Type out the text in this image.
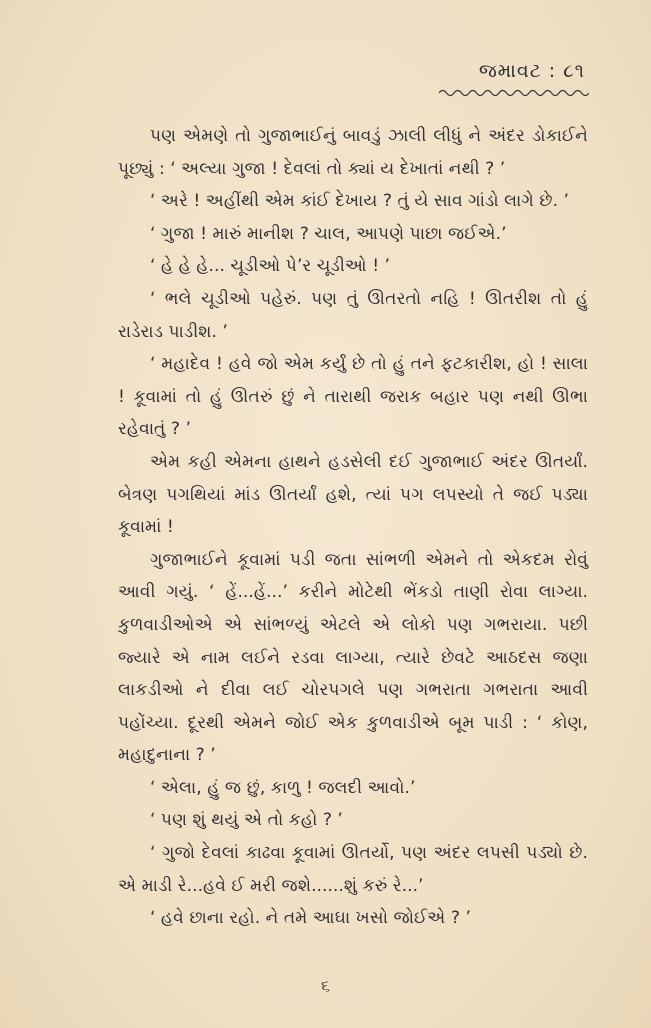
જમાવટ : ૮૧

પણ એમણે તો ગુજાભાઈનું બાવડું ઝાલી લીધું ને અંદર ડોકાઈને પૂછ્યું : ‘ અલ્યા ગુજા ! દેવલાં તો ક્યાં ય દેખાતાં નથી ? ’

‘ અરે ! અહીંથી એમ કાંઈ દેખાય ? તું યે સાવ ગાંડો લાગે છે. ’

‘ ગુજા ! મારું માનીશ ? ચાલ, આપણે પાછા જઈએ.’

‘ હે હે હે... ચૂડીઓ પે’ર ચૂડીઓ ! ’

‘ ભલે ચૂડીઓ પહેરું. પણ તું ઊતરતો નહિ ! ઊતરીશ તો હું રાડેરાડ પાડીશ. ’

‘ મહાદેવ ! હવે જો એમ કર્યું છે તો હું તને ફટકારીશ, હો ! સાલા ! કૂવામાં તો હું ઊતરું છું ને તારાથી જરાક બહાર પણ નથી ઊભા રહેવાતું ? ’

એમ કહી એમના હાથને હડસેલી દઈ ગુજાભાઈ અંદર ઊતર્યાં. બેત્રણ પગથિયાં માંડ ઊતર્યાં હશે, ત્યાં પગ લપસ્યો તે જઈ પડ્યા કૂવામાં !

ગુજાભાઈને કૂવામાં પડી જતા સાંભળી એમને તો એકદમ રોવું આવી ગયું. ‘ હેં...હેં...’ કરીને મોટેથી ભેંકડો તાણી રોવા લાગ્યા. કુળવાડીઓએ એ સાંભળ્યું એટલે એ લોકો પણ ગભરાયા. પછી જ્યારે એ નામ લઈને રડવા લાગ્યા, ત્યારે છેવટે આઠદસ જણા લાકડીઓ ને દીવા લઈ ચોરપગલે પણ ગભરાતા ગભરાતા આવી પહોંચ્યા. દૂરથી એમને જોઈ એક કુળવાડીએ બૂમ પાડી : ‘ કોણ, મહાદુનાના ? ’

‘ એલા, હું જ છું, કાળુ ! જલદી આવો.’

‘ પણ શું થયું એ તો કહો ? ’

‘ ગુજો દેવલાં કાઢવા કૂવામાં ઊતર્યો, પણ અંદર લપસી પડ્યો છે. એ માડી રે...હવે ઈ મરી જશે......શું કરું રે...’

‘ હવે છાના રહો. ને તમે આઘા ખસો જોઈએ ? ’

૬
